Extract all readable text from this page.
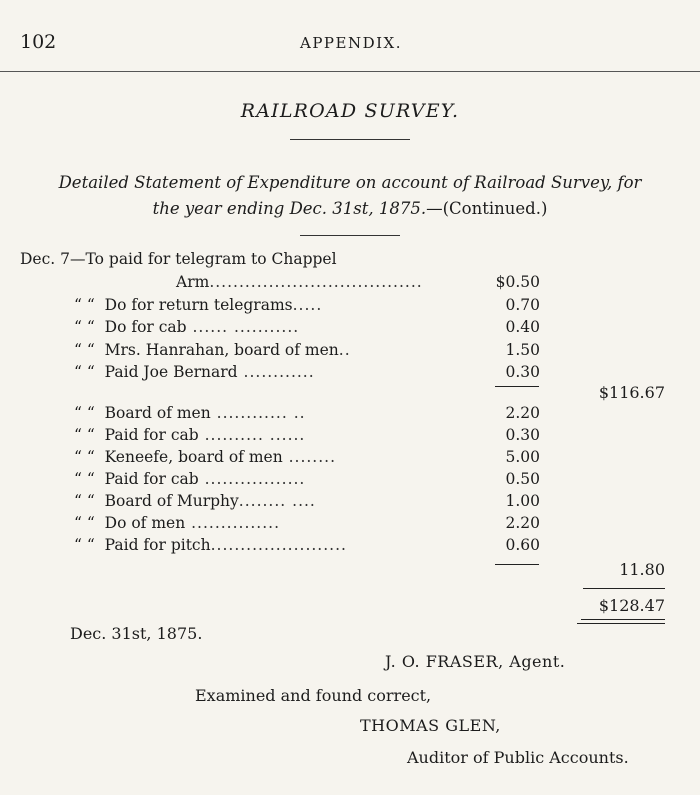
102	APPENDIX.
RAILROAD SURVEY.
Detailed Statement of Expenditure on account of Railroad Survey, for
the year ending Dec. 31st, 1875.—(Continued.)
Dec. 7—To paid for telegram to Chappel
Arm....................................	$0.50
“ “ Do for return telegrams.....	0.70
“ “ Do for cab ...... ...........	0.40
“ “ Mrs. Hanrahan, board of men..	1.50
“ “ Paid Joe Bernard ............	0.30
$116.67
“ “ Board of men ............ ..	2.20
“ “ Paid for cab .......... ......	0.30
“ “ Keneefe, board of men ........	5.00
“ “ Paid for cab .................	0.50
“ “ Board of Murphy........ ....	1.00
“ “ Do of men ...............	2.20
“ “ Paid for pitch.......................	0.60
11.80
$128.47
Dec. 31st, 1875.
J. O. FRASER, Agent.
Examined and found correct,
THOMAS GLEN,
Auditor of Public Accounts.
